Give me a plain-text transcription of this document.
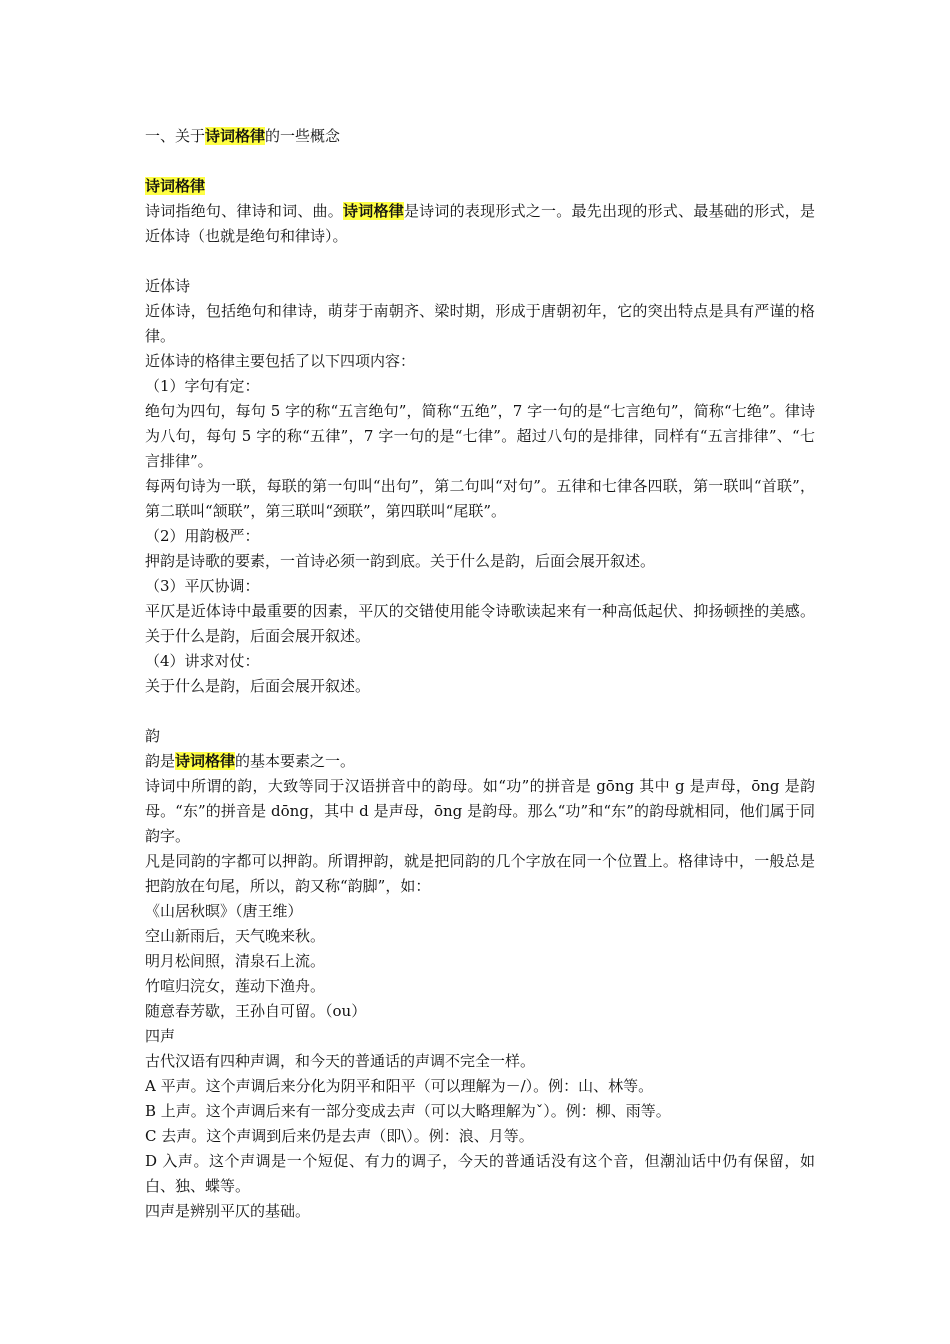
一、关于诗词格律的一些概念

诗词格律

诗词指绝句、律诗和词、曲。诗词格律是诗词的表现形式之一。最先出现的形式、最基础的形式，是近体诗（也就是绝句和律诗）。

近体诗

近体诗，包括绝句和律诗，萌芽于南朝齐、梁时期，形成于唐朝初年，它的突出特点是具有严谨的格律。

近体诗的格律主要包括了以下四项内容：

（1）字句有定：

绝句为四句，每句 5 字的称“五言绝句”，简称“五绝”，7 字一句的是“七言绝句”，简称“七绝”。律诗为八句，每句 5 字的称“五律”，7 字一句的是“七律”。超过八句的是排律，同样有“五言排律”、“七言排律”。

每两句诗为一联，每联的第一句叫“出句”，第二句叫“对句”。五律和七律各四联，第一联叫“首联”，第二联叫“颔联”，第三联叫“颈联”，第四联叫“尾联”。

（2）用韵极严：

押韵是诗歌的要素，一首诗必须一韵到底。关于什么是韵，后面会展开叙述。

（3）平仄协调：

平仄是近体诗中最重要的因素，平仄的交错使用能令诗歌读起来有一种高低起伏、抑扬顿挫的美感。关于什么是韵，后面会展开叙述。

（4）讲求对仗：

关于什么是韵，后面会展开叙述。

韵

韵是诗词格律的基本要素之一。

诗词中所谓的韵，大致等同于汉语拼音中的韵母。如“功”的拼音是 gōng 其中 g 是声母，ōng 是韵母。“东”的拼音是 dōng，其中 d 是声母，ōng 是韵母。那么“功”和“东”的韵母就相同，他们属于同韵字。

凡是同韵的字都可以押韵。所谓押韵，就是把同韵的几个字放在同一个位置上。格律诗中，一般总是把韵放在句尾，所以，韵又称“韵脚”，如：

《山居秋暝》（唐王维）

空山新雨后，天气晚来秋。

明月松间照，清泉石上流。

竹喧归浣女，莲动下渔舟。

随意春芳歇，王孙自可留。（ou）

四声

古代汉语有四种声调，和今天的普通话的声调不完全一样。

A 平声。这个声调后来分化为阴平和阳平（可以理解为－/）。例：山、林等。

B 上声。这个声调后来有一部分变成去声（可以大略理解为ˇ）。例：柳、雨等。

C 去声。这个声调到后来仍是去声（即\）。例：浪、月等。

D 入声。这个声调是一个短促、有力的调子，今天的普通话没有这个音，但潮汕话中仍有保留，如白、独、蝶等。

四声是辨别平仄的基础。
